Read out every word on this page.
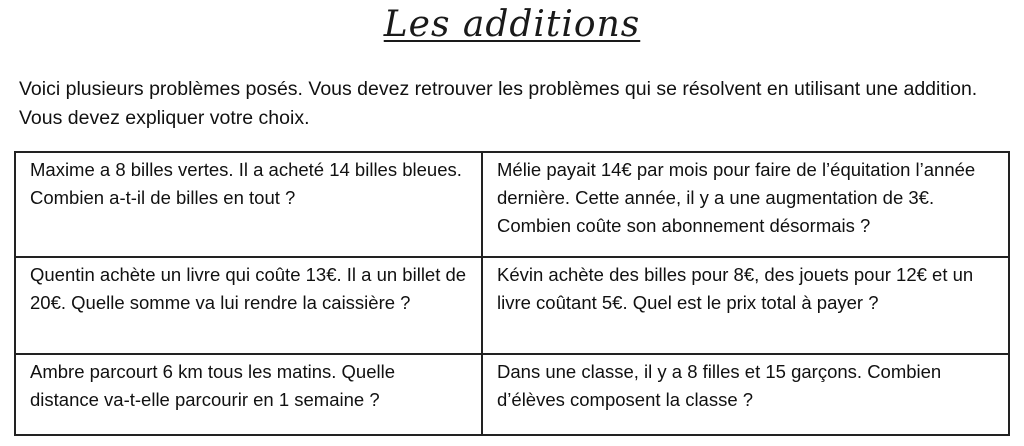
Les additions

Voici plusieurs problèmes posés. Vous devez retrouver les problèmes qui se résolvent en utilisant une addition. Vous devez expliquer votre choix.

Maxime a 8 billes vertes. Il a acheté 14 billes bleues. Combien a-t-il de billes en tout ?	Mélie payait 14€ par mois pour faire de l’équitation l’année dernière. Cette année, il y a une augmentation de 3€. Combien coûte son abonnement désormais ?
Quentin achète un livre qui coûte 13€. Il a un billet de 20€. Quelle somme va lui rendre la caissière ?	Kévin achète des billes pour 8€, des jouets pour 12€ et un livre coûtant 5€. Quel est le prix total à payer ?
Ambre parcourt 6 km tous les matins. Quelle distance va-t-elle parcourir en 1 semaine ?	Dans une classe, il y a 8 filles et 15 garçons. Combien d’élèves composent la classe ?
